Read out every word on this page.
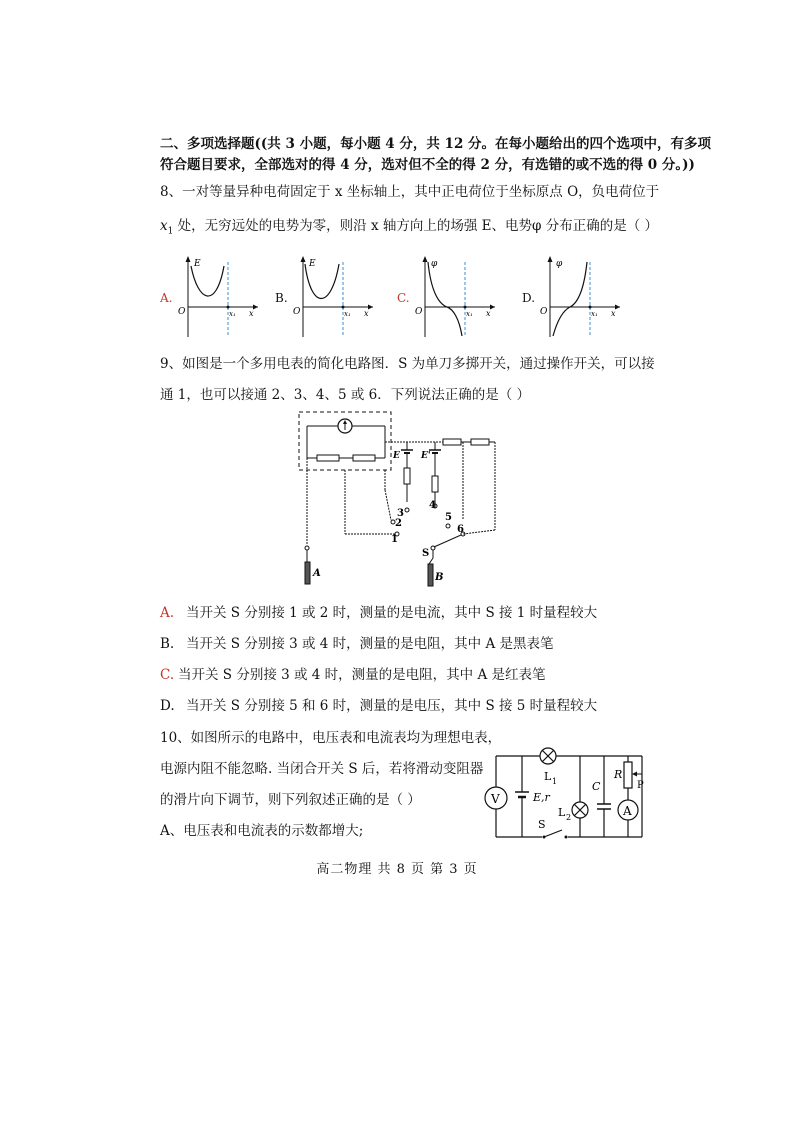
二、多项选择题((共 3 小题，每小题 4 分，共 12 分。在每小题给出的四个选项中，有多项
符合题目要求，全部选对的得 4 分，选对但不全的得 2 分，有选错的或不选的得 0 分。))
8、一对等量异种电荷固定于 x 坐标轴上，其中正电荷位于坐标原点 O，负电荷位于
$x_1$ 处，无穷远处的电势为零，则沿 x 轴方向上的场强 E、电势φ 分布正确的是（ ）
A.
E
O	x₁ x
B.
E
O	x₁ x
C.
φ
O	x₁ x
D.
φ
O	x₁ x
9、如图是一个多用电表的简化电路图．S 为单刀多掷开关，通过操作开关，可以接
通 1，也可以接通 2、3、4、5 或 6．下列说法正确的是（ ）
E E'
3
4
2
1
5
6
S
B
A
A. 当开关 S 分别接 1 或 2 时，测量的是电流，其中 S 接 1 时量程较大
B. 当开关 S 分别接 3 或 4 时，测量的是电阻，其中 A 是黑表笔
C. 当开关 S 分别接 3 或 4 时，测量的是电阻，其中 A 是红表笔
D. 当开关 S 分别接 5 和 6 时，测量的是电压，其中 S 接 5 时量程较大
10、如图所示的电路中，电压表和电流表均为理想电表，
电源内阻不能忽略. 当闭合开关 S 后，若将滑动变阻器
的滑片向下调节，则下列叙述正确的是（ ）
A、电压表和电流表的示数都增大;
V	E,r
L 1
L 2
C
R
P
A
S
高二物理 共 8 页 第 3 页
